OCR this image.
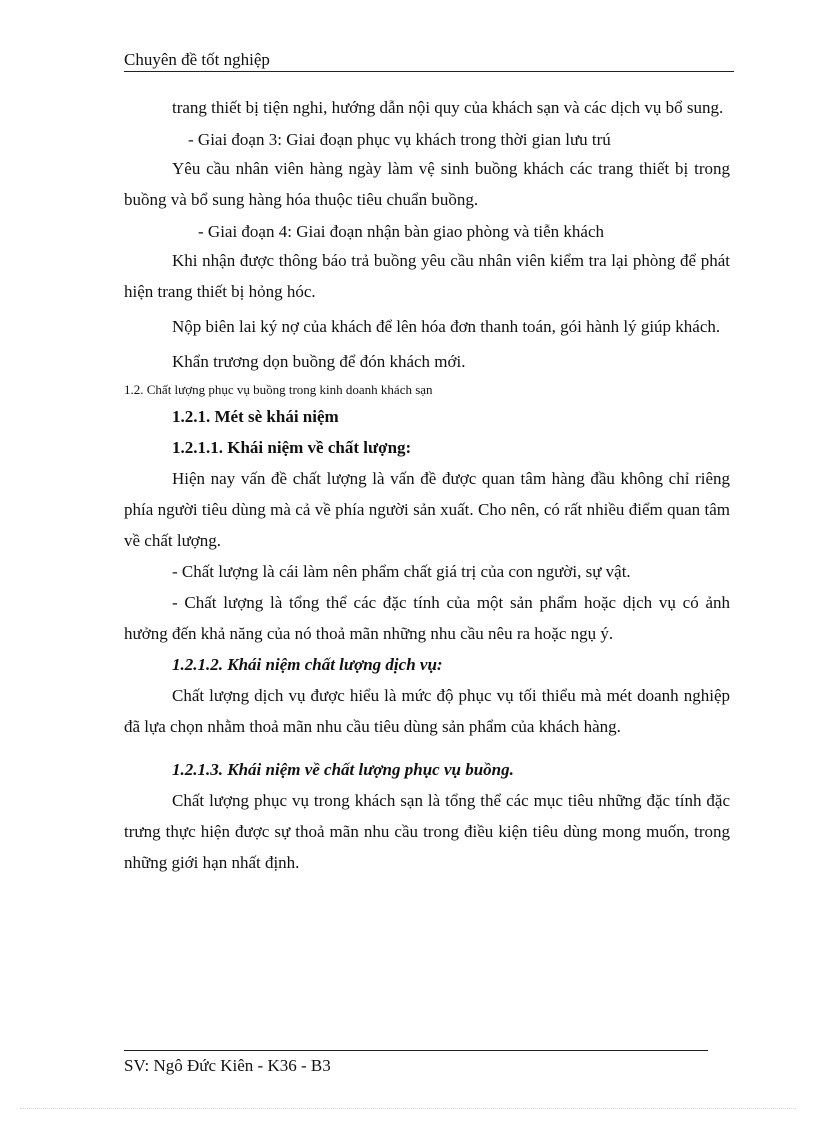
Chuyên đề tốt nghiệp

trang thiết bị tiện nghi, hướng dẫn nội quy của khách sạn và các dịch vụ bổ sung.

- Giai đoạn 3: Giai đoạn phục vụ khách trong thời gian lưu trú

Yêu cầu nhân viên hàng ngày làm vệ sinh buồng khách các trang thiết bị trong buồng và bổ sung hàng hóa thuộc tiêu chuẩn buồng.

- Giai đoạn 4: Giai đoạn nhận bàn giao phòng và tiễn khách

Khi nhận được thông báo trả buồng yêu cầu nhân viên kiểm tra lại phòng để phát hiện trang thiết bị hỏng hóc.

Nộp biên lai ký nợ của khách để lên hóa đơn thanh toán, gói hành lý giúp khách.

Khẩn trương dọn buồng để đón khách mới.

1.2. Chất lượng phục vụ buồng trong kinh doanh khách sạn

1.2.1. Mét sè khái niệm

1.2.1.1. Khái niệm về chất lượng:

Hiện nay vấn đề chất lượng là vấn đề được quan tâm hàng đầu không chỉ riêng phía người tiêu dùng mà cả về phía người sản xuất. Cho nên, có rất nhiều điểm quan tâm về chất lượng.

- Chất lượng là cái làm nên phẩm chất giá trị của con người, sự vật.

- Chất lượng là tổng thể các đặc tính của một sản phẩm hoặc dịch vụ có ảnh hưởng đến khả năng của nó thoả mãn những nhu cầu nêu ra hoặc ngụ ý.

1.2.1.2. Khái niệm chất lượng dịch vụ:

Chất lượng dịch vụ được hiểu là mức độ phục vụ tối thiểu mà mét doanh nghiệp đã lựa chọn nhằm thoả mãn nhu cầu tiêu dùng sản phẩm của khách hàng.

1.2.1.3. Khái niệm về chất lượng phục vụ buồng.

Chất lượng phục vụ trong khách sạn là tổng thể các mục tiêu những đặc tính đặc trưng thực hiện được sự thoả mãn nhu cầu trong điều kiện tiêu dùng mong muốn, trong những giới hạn nhất định.

SV: Ngô Đức Kiên - K36 - B3
